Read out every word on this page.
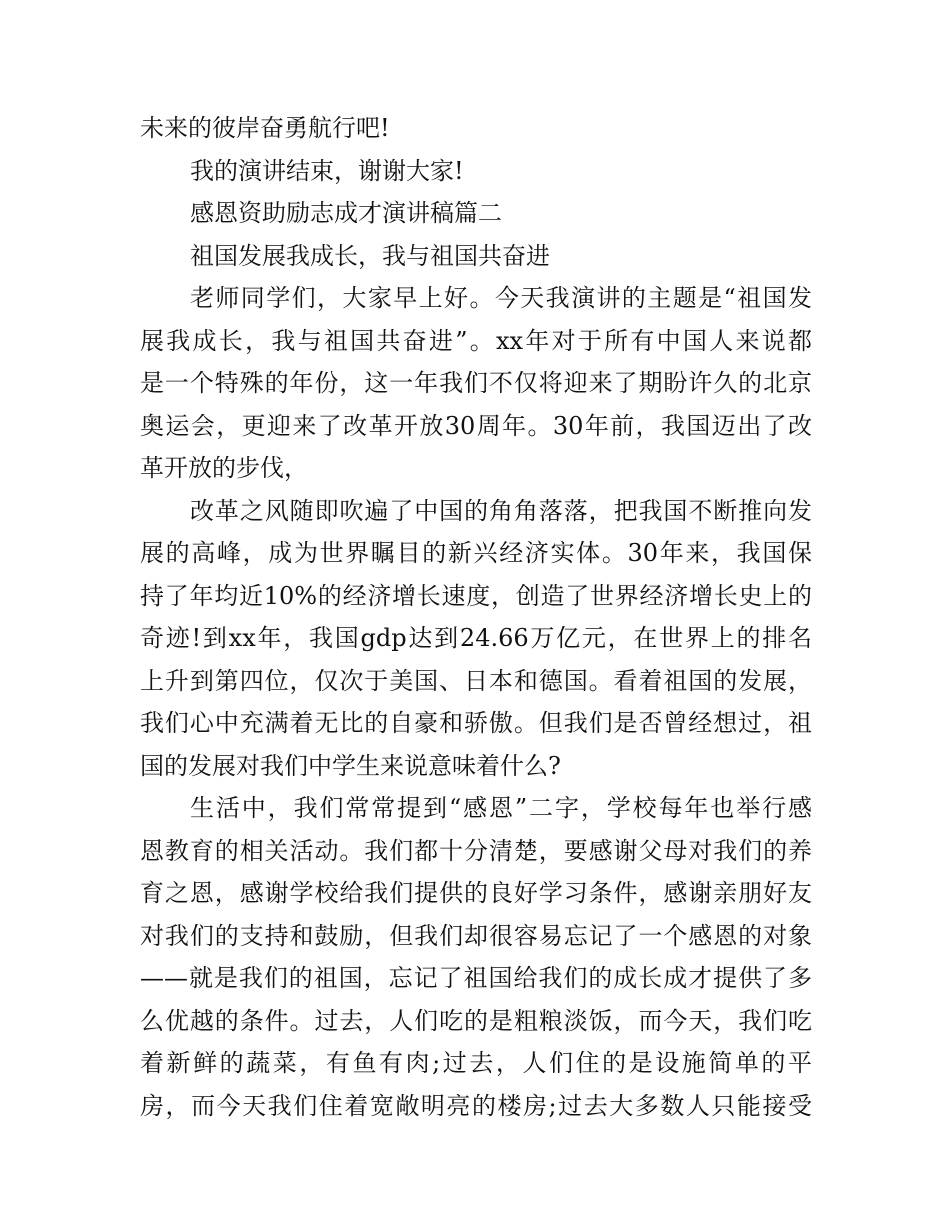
未来的彼岸奋勇航行吧!
我的演讲结束，谢谢大家!
感恩资助励志成才演讲稿篇二
祖国发展我成长，我与祖国共奋进
老师同学们，大家早上好。今天我演讲的主题是“祖国发
展我成长，我与祖国共奋进”。xx年对于所有中国人来说都
是一个特殊的年份，这一年我们不仅将迎来了期盼许久的北京
奥运会，更迎来了改革开放30周年。30年前，我国迈出了改
革开放的步伐，
改革之风随即吹遍了中国的角角落落，把我国不断推向发
展的高峰，成为世界瞩目的新兴经济实体。30年来，我国保
持了年均近10%的经济增长速度，创造了世界经济增长史上的
奇迹!到xx年，我国gdp达到24.66万亿元，在世界上的排名
上升到第四位，仅次于美国、日本和德国。看着祖国的发展，
我们心中充满着无比的自豪和骄傲。但我们是否曾经想过，祖
国的发展对我们中学生来说意味着什么?
生活中，我们常常提到“感恩”二字，学校每年也举行感
恩教育的相关活动。我们都十分清楚，要感谢父母对我们的养
育之恩，感谢学校给我们提供的良好学习条件，感谢亲朋好友
对我们的支持和鼓励，但我们却很容易忘记了一个感恩的对象
——就是我们的祖国，忘记了祖国给我们的成长成才提供了多
么优越的条件。过去，人们吃的是粗粮淡饭，而今天，我们吃
着新鲜的蔬菜，有鱼有肉;过去，人们住的是设施简单的平
房，而今天我们住着宽敞明亮的楼房;过去大多数人只能接受
